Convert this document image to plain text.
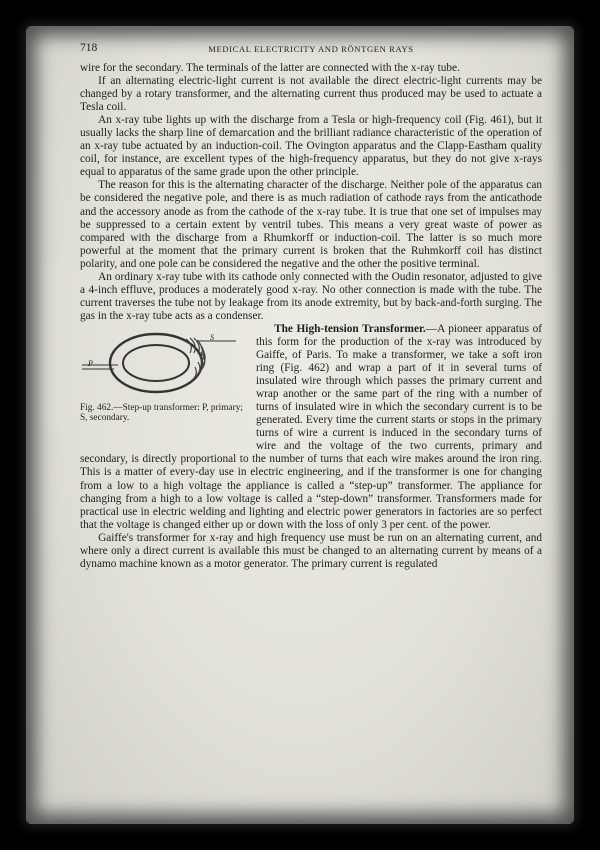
718	MEDICAL ELECTRICITY AND RÖNTGEN RAYS

wire for the secondary. The terminals of the latter are connected with the x-ray tube.

If an alternating electric-light current is not available the direct electric-light currents may be changed by a rotary transformer, and the alternating current thus produced may be used to actuate a Tesla coil.

An x-ray tube lights up with the discharge from a Tesla or high-frequency coil (Fig. 461), but it usually lacks the sharp line of demarcation and the brilliant radiance characteristic of the operation of an x-ray tube actuated by an induction-coil. The Ovington apparatus and the Clapp-Eastham quality coil, for instance, are excellent types of the high-frequency apparatus, but they do not give x-rays equal to apparatus of the same grade upon the other principle.

The reason for this is the alternating character of the discharge. Neither pole of the apparatus can be considered the negative pole, and there is as much radiation of cathode rays from the anticathode and the accessory anode as from the cathode of the x-ray tube. It is true that one set of impulses may be suppressed to a certain extent by ventril tubes. This means a very great waste of power as compared with the discharge from a Rhumkorff or induction-coil. The latter is so much more powerful at the moment that the primary current is broken that the Ruhmkorff coil has distinct polarity, and one pole can be considered the negative and the other the positive terminal.

An ordinary x-ray tube with its cathode only connected with the Oudin resonator, adjusted to give a 4-inch effluve, produces a moderately good x-ray. No other connection is made with the tube. The current traverses the tube not by leakage from its anode extremity, but by back-and-forth surging. The gas in the x-ray tube acts as a condenser.

P
S
Fig. 462.—Step-up transformer: P, primary; S, secondary.

The High-tension Transformer.—A pioneer apparatus of this form for the production of the x-ray was introduced by Gaiffe, of Paris. To make a transformer, we take a soft iron ring (Fig. 462) and wrap a part of it in several turns of insulated wire through which passes the primary current and wrap another or the same part of the ring with a number of turns of insulated wire in which the secondary current is to be generated. Every time the current starts or stops in the primary turns of wire a current is induced in the secondary turns of wire and the voltage of the two currents, primary and secondary, is directly proportional to the number of turns that each wire makes around the iron ring. This is a matter of every-day use in electric engineering, and if the transformer is one for changing from a low to a high voltage the appliance is called a “step-up” transformer. The appliance for changing from a high to a low voltage is called a “step-down” transformer. Transformers made for practical use in electric welding and lighting and electric power generators in factories are so perfect that the voltage is changed either up or down with the loss of only 3 per cent. of the power.

Gaiffe's transformer for x-ray and high frequency use must be run on an alternating current, and where only a direct current is available this must be changed to an alternating current by means of a dynamo machine known as a motor generator. The primary current is regulated
